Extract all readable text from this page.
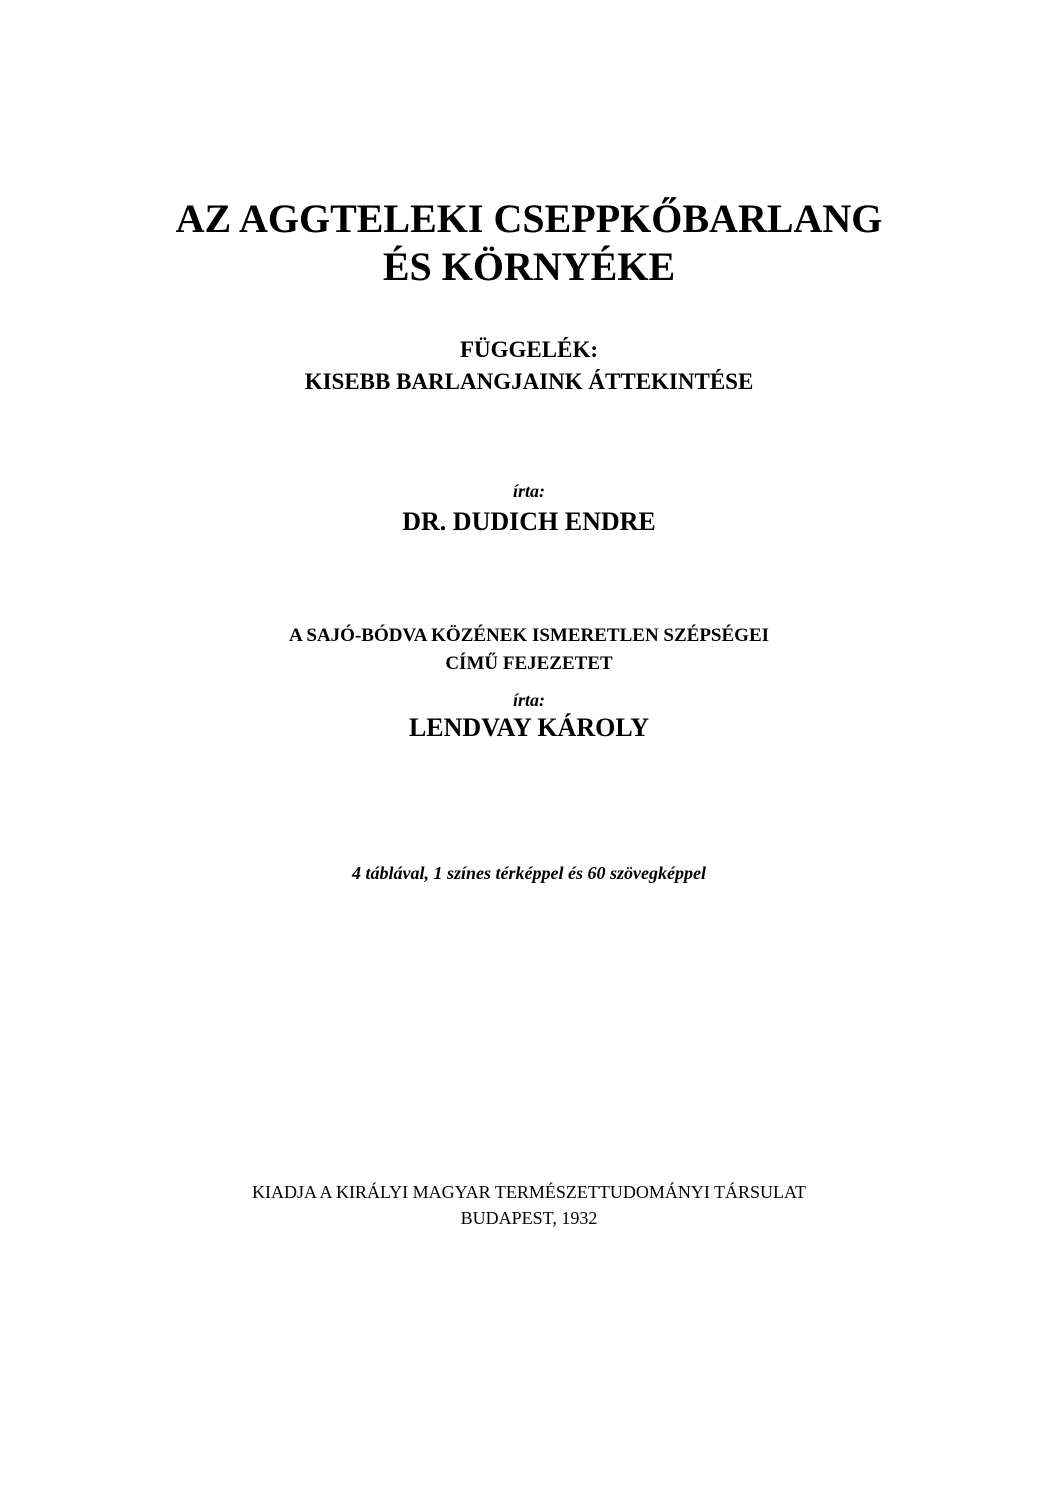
AZ AGGTELEKI CSEPPKŐBARLANG
ÉS KÖRNYÉKE
FÜGGELÉK:
KISEBB BARLANGJAINK ÁTTEKINTÉSE
írta:
DR. DUDICH ENDRE
A SAJÓ-BÓDVA KÖZÉNEK ISMERETLEN SZÉPSÉGEI
CÍMŰ FEJEZETET
írta:
LENDVAY KÁROLY
4 táblával, 1 színes térképpel és 60 szövegképpel
KIADJA A KIRÁLYI MAGYAR TERMÉSZETTUDOMÁNYI TÁRSULAT
BUDAPEST, 1932
